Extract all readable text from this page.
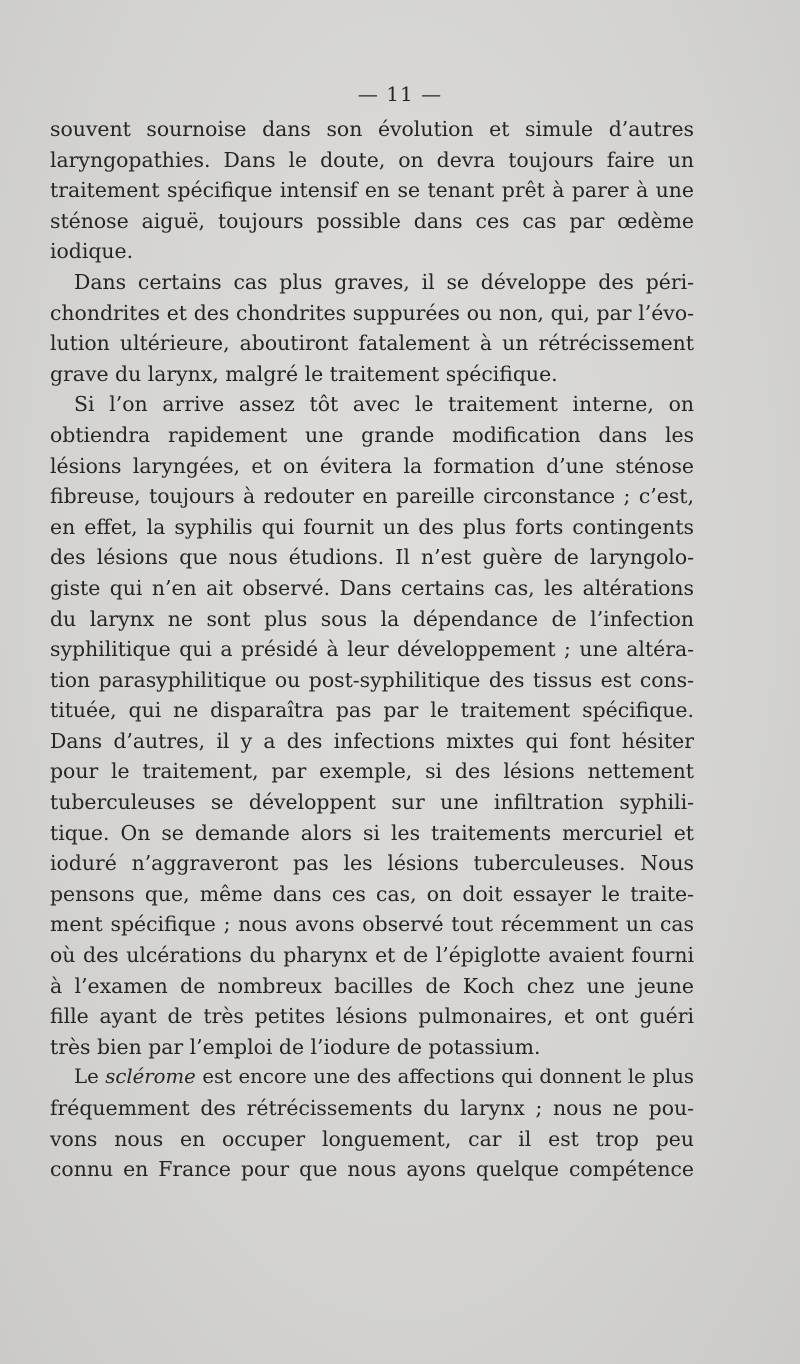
— 11 —

souvent sournoise dans son évolution et simule d’autres
laryngopathies. Dans le doute, on devra toujours faire un
traitement spécifique intensif en se tenant prêt à parer à une
sténose aiguë, toujours possible dans ces cas par œdème
iodique.

Dans certains cas plus graves, il se développe des péri-
chondrites et des chondrites suppurées ou non, qui, par l’évo-
lution ultérieure, aboutiront fatalement à un rétrécissement
grave du larynx, malgré le traitement spécifique.

Si l’on arrive assez tôt avec le traitement interne, on
obtiendra rapidement une grande modification dans les
lésions laryngées, et on évitera la formation d’une sténose
fibreuse, toujours à redouter en pareille circonstance ; c’est,
en effet, la syphilis qui fournit un des plus forts contingents
des lésions que nous étudions. Il n’est guère de laryngolo-
giste qui n’en ait observé. Dans certains cas, les altérations
du larynx ne sont plus sous la dépendance de l’infection
syphilitique qui a présidé à leur développement ; une altéra-
tion parasyphilitique ou post-syphilitique des tissus est cons-
tituée, qui ne disparaîtra pas par le traitement spécifique.
Dans d’autres, il y a des infections mixtes qui font hésiter
pour le traitement, par exemple, si des lésions nettement
tuberculeuses se développent sur une infiltration syphili-
tique. On se demande alors si les traitements mercuriel et
ioduré n’aggraveront pas les lésions tuberculeuses. Nous
pensons que, même dans ces cas, on doit essayer le traite-
ment spécifique ; nous avons observé tout récemment un cas
où des ulcérations du pharynx et de l’épiglotte avaient fourni
à l’examen de nombreux bacilles de Koch chez une jeune
fille ayant de très petites lésions pulmonaires, et ont guéri
très bien par l’emploi de l’iodure de potassium.

Le sclérome est encore une des affections qui donnent le plus
fréquemment des rétrécissements du larynx ; nous ne pou-
vons nous en occuper longuement, car il est trop peu
connu en France pour que nous ayons quelque compétence
